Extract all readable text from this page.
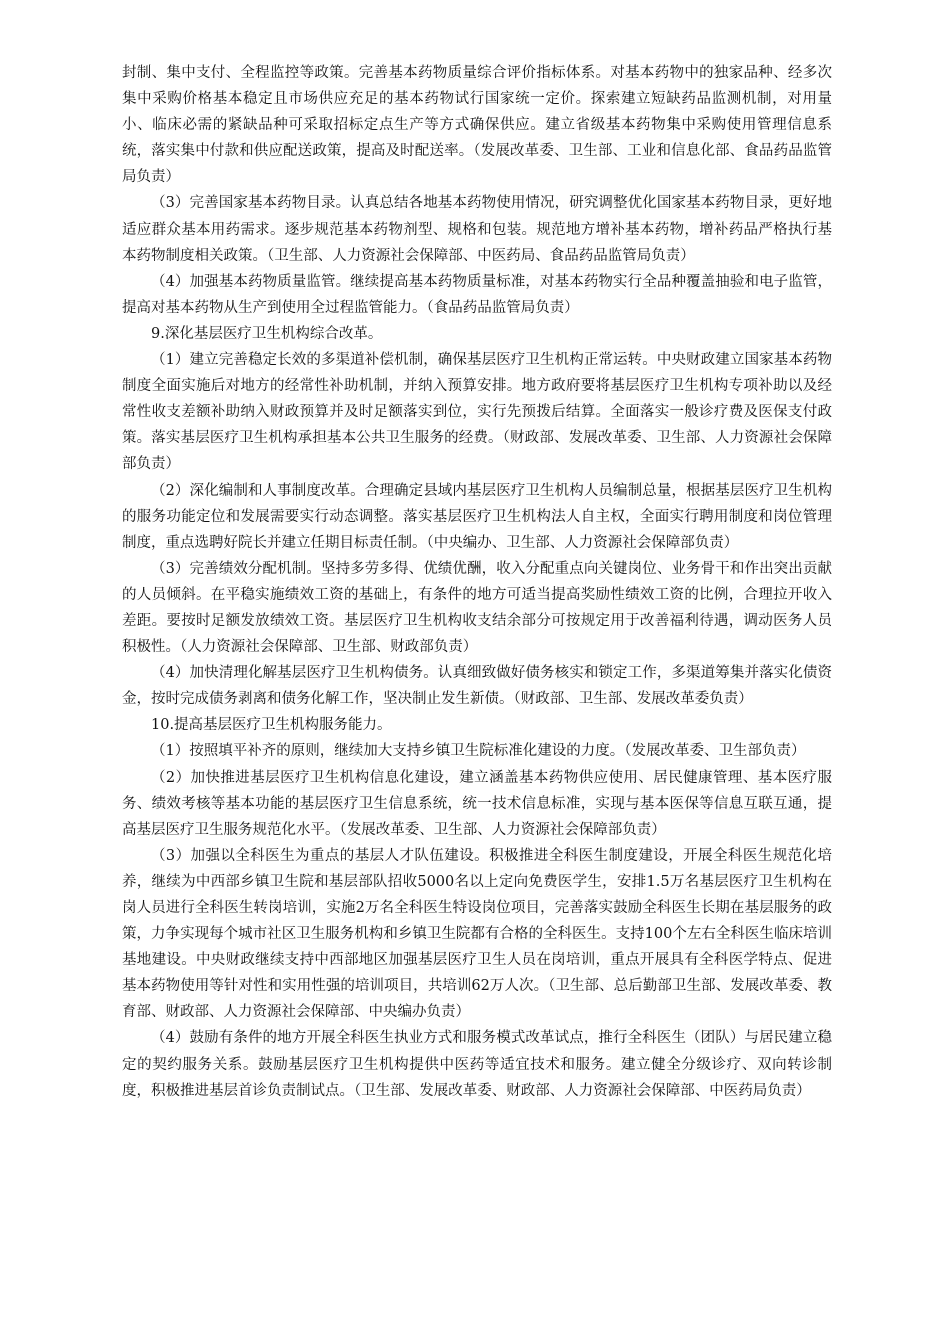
封制、集中支付、全程监控等政策。完善基本药物质量综合评价指标体系。对基本药物中的独家品种、经多次集中采购价格基本稳定且市场供应充足的基本药物试行国家统一定价。探索建立短缺药品监测机制，对用量小、临床必需的紧缺品种可采取招标定点生产等方式确保供应。建立省级基本药物集中采购使用管理信息系统，落实集中付款和供应配送政策，提高及时配送率。（发展改革委、卫生部、工业和信息化部、食品药品监管局负责）

（3）完善国家基本药物目录。认真总结各地基本药物使用情况，研究调整优化国家基本药物目录，更好地适应群众基本用药需求。逐步规范基本药物剂型、规格和包装。规范地方增补基本药物，增补药品严格执行基本药物制度相关政策。（卫生部、人力资源社会保障部、中医药局、食品药品监管局负责）

（4）加强基本药物质量监管。继续提高基本药物质量标准，对基本药物实行全品种覆盖抽验和电子监管，提高对基本药物从生产到使用全过程监管能力。（食品药品监管局负责）

9.深化基层医疗卫生机构综合改革。

（1）建立完善稳定长效的多渠道补偿机制，确保基层医疗卫生机构正常运转。中央财政建立国家基本药物制度全面实施后对地方的经常性补助机制，并纳入预算安排。地方政府要将基层医疗卫生机构专项补助以及经常性收支差额补助纳入财政预算并及时足额落实到位，实行先预拨后结算。全面落实一般诊疗费及医保支付政策。落实基层医疗卫生机构承担基本公共卫生服务的经费。（财政部、发展改革委、卫生部、人力资源社会保障部负责）

（2）深化编制和人事制度改革。合理确定县域内基层医疗卫生机构人员编制总量，根据基层医疗卫生机构的服务功能定位和发展需要实行动态调整。落实基层医疗卫生机构法人自主权，全面实行聘用制度和岗位管理制度，重点选聘好院长并建立任期目标责任制。（中央编办、卫生部、人力资源社会保障部负责）

（3）完善绩效分配机制。坚持多劳多得、优绩优酬，收入分配重点向关键岗位、业务骨干和作出突出贡献的人员倾斜。在平稳实施绩效工资的基础上，有条件的地方可适当提高奖励性绩效工资的比例，合理拉开收入差距。要按时足额发放绩效工资。基层医疗卫生机构收支结余部分可按规定用于改善福利待遇，调动医务人员积极性。（人力资源社会保障部、卫生部、财政部负责）

（4）加快清理化解基层医疗卫生机构债务。认真细致做好债务核实和锁定工作，多渠道筹集并落实化债资金，按时完成债务剥离和债务化解工作，坚决制止发生新债。（财政部、卫生部、发展改革委负责）

10.提高基层医疗卫生机构服务能力。

（1）按照填平补齐的原则，继续加大支持乡镇卫生院标准化建设的力度。（发展改革委、卫生部负责）

（2）加快推进基层医疗卫生机构信息化建设，建立涵盖基本药物供应使用、居民健康管理、基本医疗服务、绩效考核等基本功能的基层医疗卫生信息系统，统一技术信息标准，实现与基本医保等信息互联互通，提高基层医疗卫生服务规范化水平。（发展改革委、卫生部、人力资源社会保障部负责）

（3）加强以全科医生为重点的基层人才队伍建设。积极推进全科医生制度建设，开展全科医生规范化培养，继续为中西部乡镇卫生院和基层部队招收5000名以上定向免费医学生，安排1.5万名基层医疗卫生机构在岗人员进行全科医生转岗培训，实施2万名全科医生特设岗位项目，完善落实鼓励全科医生长期在基层服务的政策，力争实现每个城市社区卫生服务机构和乡镇卫生院都有合格的全科医生。支持100个左右全科医生临床培训基地建设。中央财政继续支持中西部地区加强基层医疗卫生人员在岗培训，重点开展具有全科医学特点、促进基本药物使用等针对性和实用性强的培训项目，共培训62万人次。（卫生部、总后勤部卫生部、发展改革委、教育部、财政部、人力资源社会保障部、中央编办负责）

（4）鼓励有条件的地方开展全科医生执业方式和服务模式改革试点，推行全科医生（团队）与居民建立稳定的契约服务关系。鼓励基层医疗卫生机构提供中医药等适宜技术和服务。建立健全分级诊疗、双向转诊制度，积极推进基层首诊负责制试点。（卫生部、发展改革委、财政部、人力资源社会保障部、中医药局负责）
